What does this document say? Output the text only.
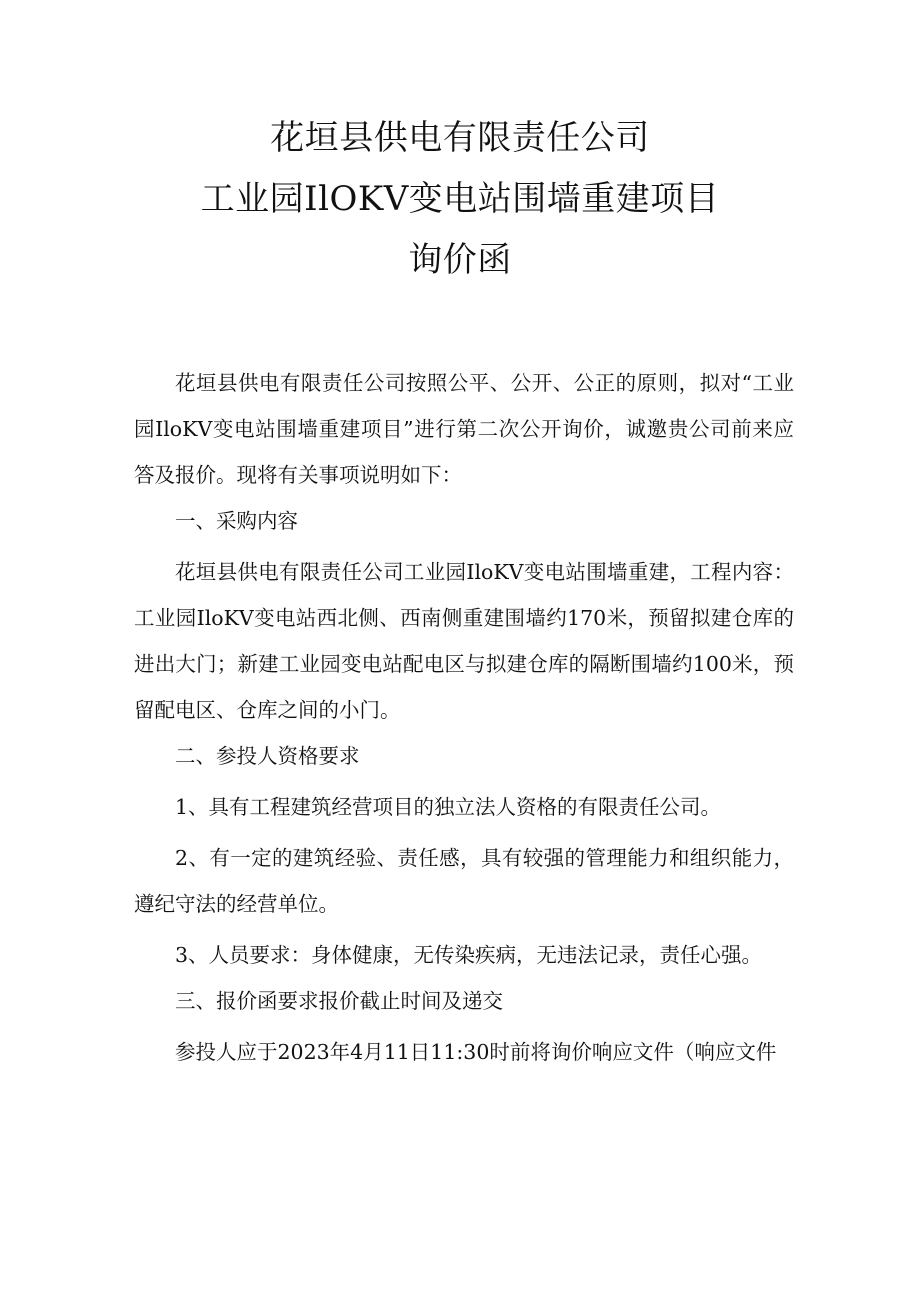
花垣县供电有限责任公司
工业园IlOKV变电站围墙重建项目
询价函

花垣县供电有限责任公司按照公平、公开、公正的原则，拟对“工业园IloKV变电站围墙重建项目”进行第二次公开询价，诚邀贵公司前来应答及报价。现将有关事项说明如下：

一、采购内容

花垣县供电有限责任公司工业园IloKV变电站围墙重建，工程内容：工业园IloKV变电站西北侧、西南侧重建围墙约170米，预留拟建仓库的进出大门；新建工业园变电站配电区与拟建仓库的隔断围墙约100米，预留配电区、仓库之间的小门。

二、参投人资格要求

1、具有工程建筑经营项目的独立法人资格的有限责任公司。

2、有一定的建筑经验、责任感，具有较强的管理能力和组织能力，遵纪守法的经营单位。

3、人员要求：身体健康，无传染疾病，无违法记录，责任心强。

三、报价函要求报价截止时间及递交

参投人应于2023年4月11日11:30时前将询价响应文件（响应文件
